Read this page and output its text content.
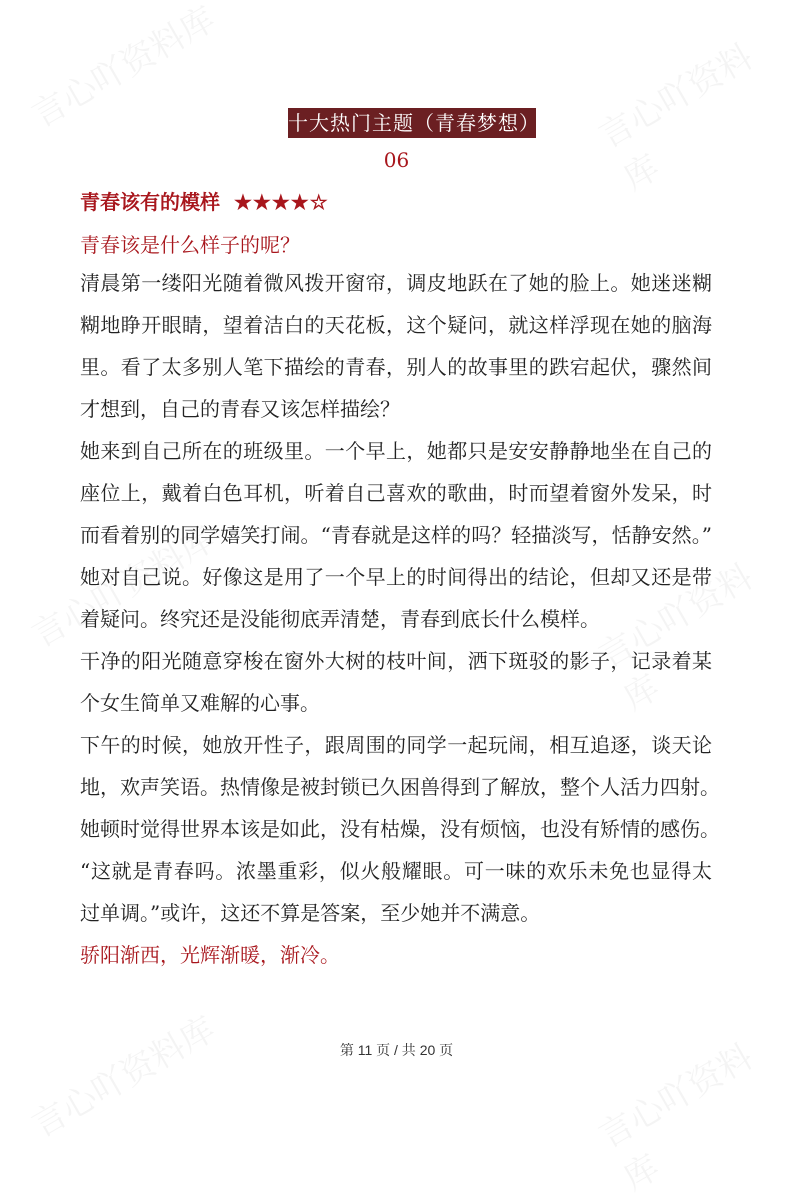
十大热门主题（青春梦想）
06
青春该有的模样 ★★★★☆
青春该是什么样子的呢？
清晨第一缕阳光随着微风拨开窗帘，调皮地跃在了她的脸上。她迷迷糊
糊地睁开眼睛，望着洁白的天花板，这个疑问，就这样浮现在她的脑海
里。看了太多别人笔下描绘的青春，别人的故事里的跌宕起伏，骤然间
才想到，自己的青春又该怎样描绘？
她来到自己所在的班级里。一个早上，她都只是安安静静地坐在自己的
座位上，戴着白色耳机，听着自己喜欢的歌曲，时而望着窗外发呆，时
而看着别的同学嬉笑打闹。“青春就是这样的吗？轻描淡写，恬静安然。”
她对自己说。好像这是用了一个早上的时间得出的结论，但却又还是带
着疑问。终究还是没能彻底弄清楚，青春到底长什么模样。
干净的阳光随意穿梭在窗外大树的枝叶间，洒下斑驳的影子，记录着某
个女生简单又难解的心事。
下午的时候，她放开性子，跟周围的同学一起玩闹，相互追逐，谈天论
地，欢声笑语。热情像是被封锁已久困兽得到了解放，整个人活力四射。
她顿时觉得世界本该是如此，没有枯燥，没有烦恼，也没有矫情的感伤。
“这就是青春吗。浓墨重彩，似火般耀眼。可一味的欢乐未免也显得太
过单调。”或许，这还不算是答案，至少她并不满意。
骄阳渐西，光辉渐暖，渐冷。
第 11 页 / 共 20 页
